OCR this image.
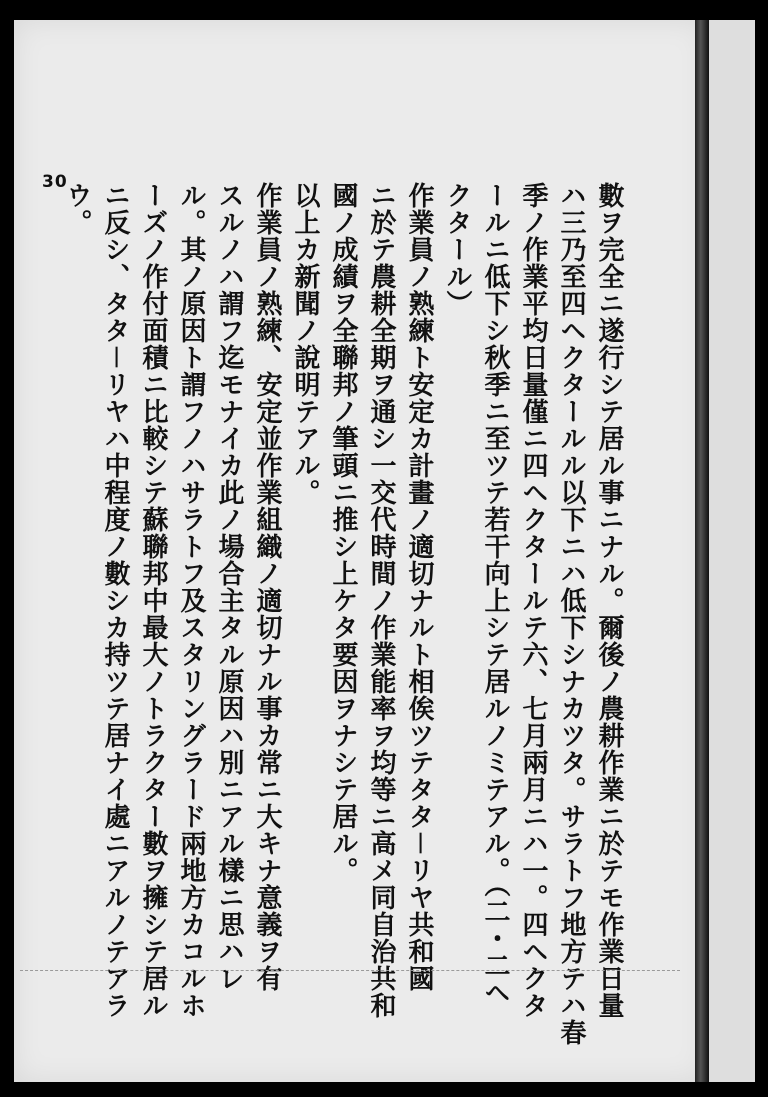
30	數ヲ完全ニ遂行シテ居ル事ニナル。爾後ノ農耕作業ニ於テモ作業日量
ハ三乃至四ヘクタールル以下ニハ低下シナカツタ。サラトフ地方テハ春
季ノ作業平均日量僅ニ四ヘクタールテ六、七月兩月ニハ一。四ヘクタ
ールニ低下シ秋季ニ至ツテ若干向上シテ居ルノミテアル。（二・二ヘ
クタール）
作業員ノ熟練ト安定カ計畫ノ適切ナルト相俟ツテタタ－リヤ共和國
ニ於テ農耕全期ヲ通シ一交代時間ノ作業能率ヲ均等ニ高メ同自治共和
國ノ成績ヲ全聯邦ノ筆頭ニ推シ上ケタ要因ヲナシテ居ル。
以上カ新聞ノ說明テアル。
作業員ノ熟練、安定並作業組織ノ適切ナル事カ常ニ大キナ意義ヲ有
スルノハ謂フ迄モナイカ此ノ場合主タル原因ハ別ニアル樣ニ思ハレ
ル。其ノ原因ト謂フノハサラトフ及スタリングラード兩地方カコルホ
ーズノ作付面積ニ比較シテ蘇聯邦中最大ノトラクター數ヲ擁シテ居ル
ニ反シ、タタ－リヤハ中程度ノ數シカ持ツテ居ナイ處ニアルノテアラ
ウ。
